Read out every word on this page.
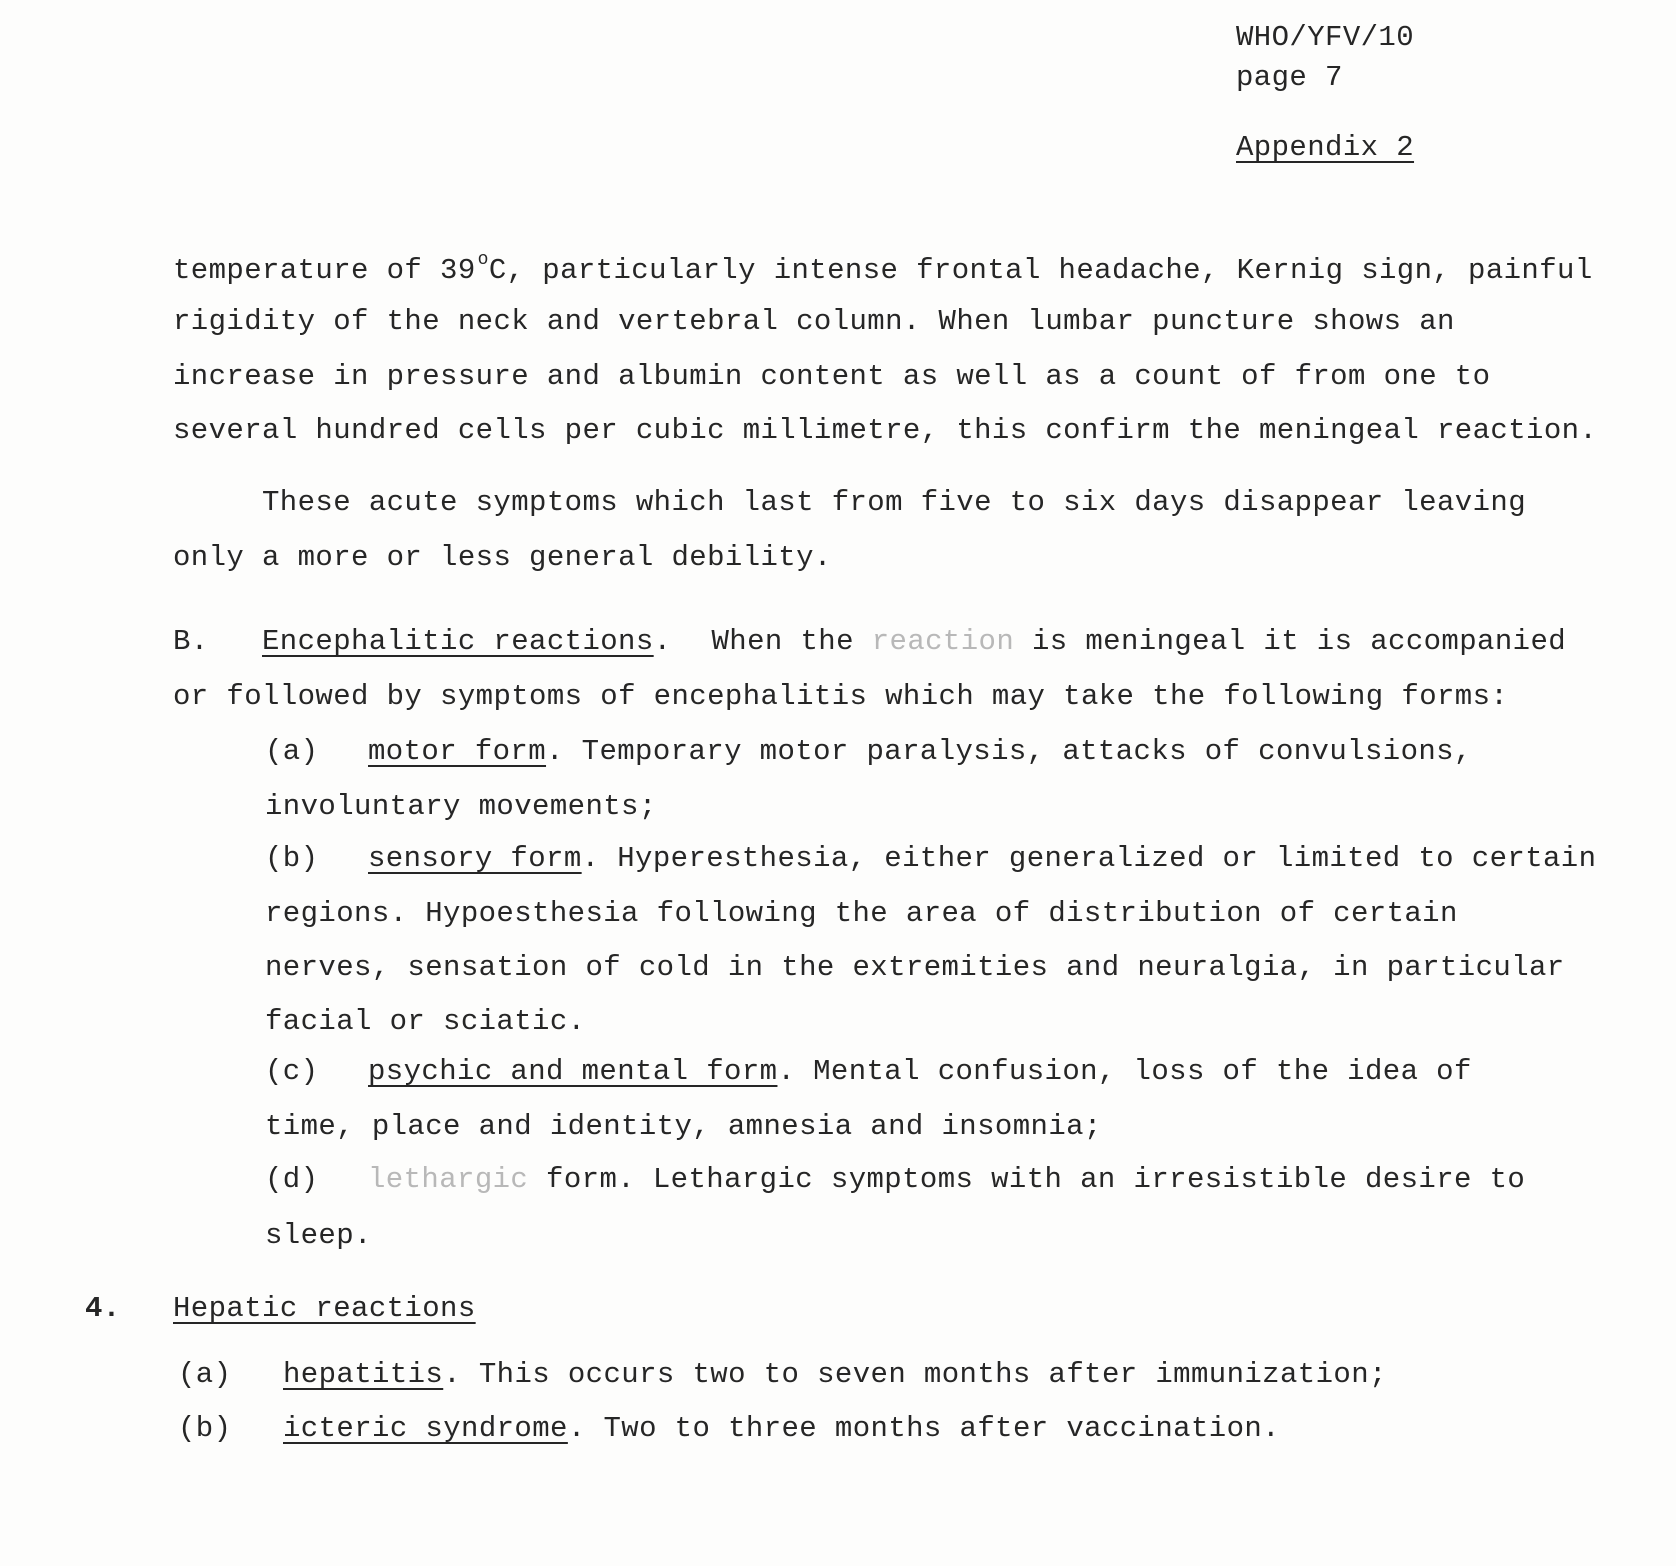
WHO/YFV/10
page 7
Appendix 2
temperature of 39 $^o$C, particularly intense frontal headache, Kernig sign, painful
rigidity of the neck and vertebral column. When lumbar puncture shows an
increase in pressure and albumin content as well as a count of from one to
several hundred cells per cubic millimetre, this confirm the meningeal reaction.
These acute symptoms which last from five to six days disappear leaving
only a more or less general debility.
B. Encephalitic reactions. When the reaction is meningeal it is accompanied
or followed by symptoms of encephalitis which may take the following forms:
(a) motor form. Temporary motor paralysis, attacks of convulsions,
involuntary movements;
(b) sensory form. Hyperesthesia, either generalized or limited to certain
regions. Hypoesthesia following the area of distribution of certain
nerves, sensation of cold in the extremities and neuralgia, in particular
facial or sciatic.
(c) psychic and mental form. Mental confusion, loss of the idea of
time, place and identity, amnesia and insomnia;
(d) lethargic form. Lethargic symptoms with an irresistible desire to
sleep.
4. Hepatic reactions
(a) hepatitis. This occurs two to seven months after immunization;
(b) icteric syndrome. Two to three months after vaccination.
